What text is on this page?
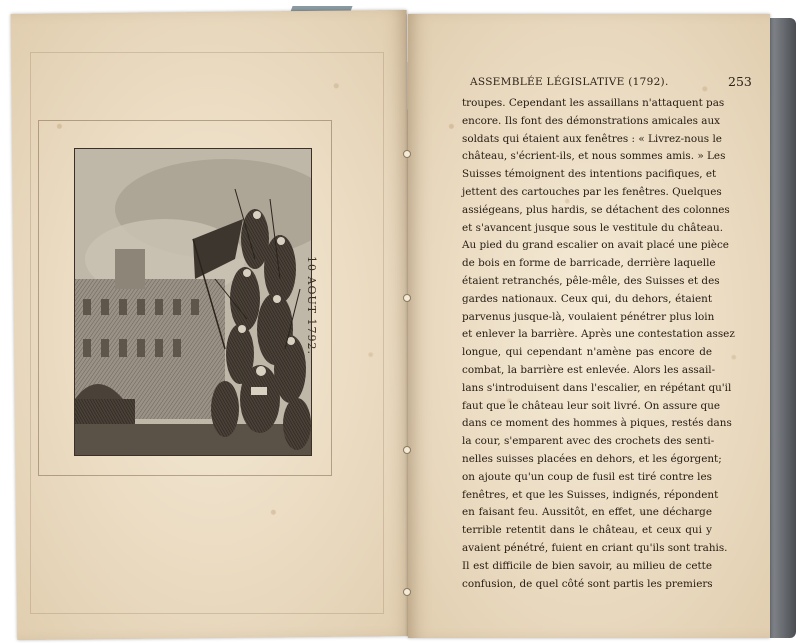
10 AOUT 1792.
ASSEMBLÉE LÉGISLATIVE (1792).	253
troupes. Cependant les assaillans n'attaquent pas
encore. Ils font des démonstrations amicales aux
soldats qui étaient aux fenêtres : « Livrez-nous le
château, s'écrient-ils, et nous sommes amis. » Les
Suisses témoignent des intentions pacifiques, et
jettent des cartouches par les fenêtres. Quelques
assiégeans, plus hardis, se détachent des colonnes
et s'avancent jusque sous le vestitule du château.
Au pied du grand escalier on avait placé une pièce
de bois en forme de barricade, derrière laquelle
étaient retranchés, pêle-mêle, des Suisses et des
gardes nationaux. Ceux qui, du dehors, étaient
parvenus jusque-là, voulaient pénétrer plus loin
et enlever la barrière. Après une contestation assez
longue, qui cependant n'amène pas encore de
combat, la barrière est enlevée. Alors les assail-
lans s'introduisent dans l'escalier, en répétant qu'il
faut que le château leur soit livré. On assure que
dans ce moment des hommes à piques, restés dans
la cour, s'emparent avec des crochets des senti-
nelles suisses placées en dehors, et les égorgent;
on ajoute qu'un coup de fusil est tiré contre les
fenêtres, et que les Suisses, indignés, répondent
en faisant feu. Aussitôt, en effet, une décharge
terrible retentit dans le château, et ceux qui y
avaient pénétré, fuient en criant qu'ils sont trahis.
Il est difficile de bien savoir, au milieu de cette
confusion, de quel côté sont partis les premiers
